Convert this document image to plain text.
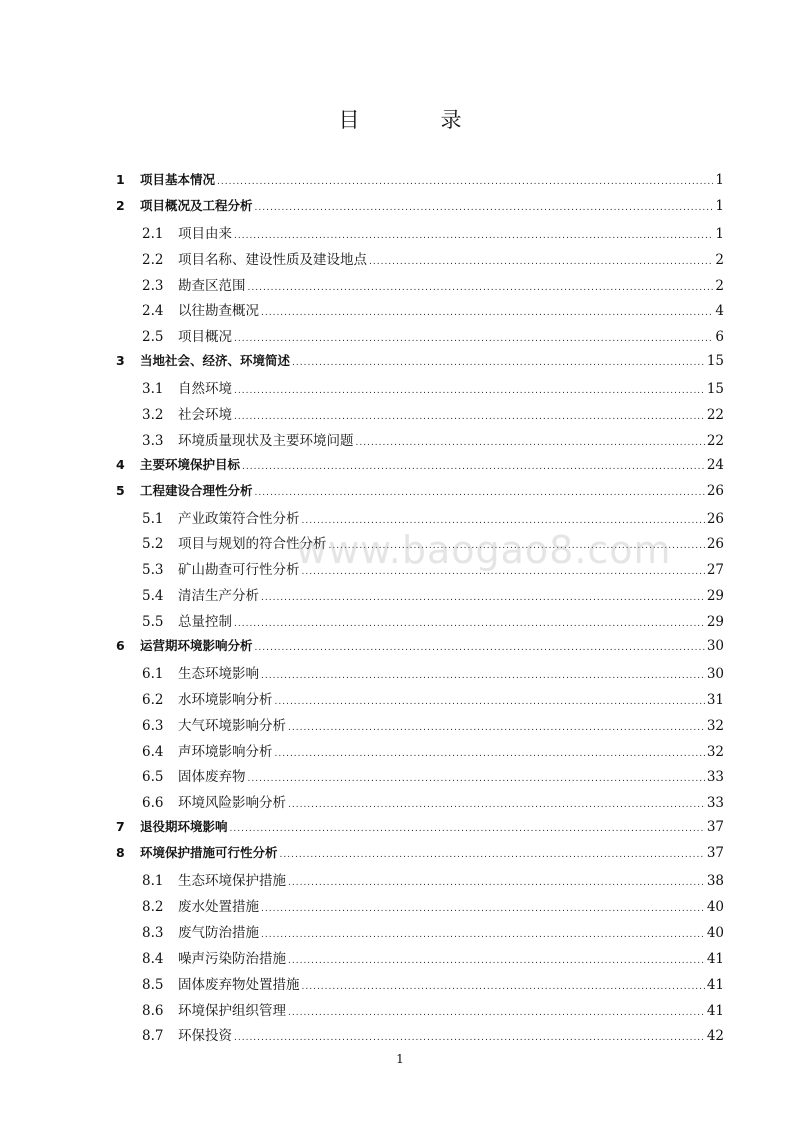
目　录
1	项目基本情况 .....	1
2	项目概况及工程分析 .....	1
2.1	项目由来 .....	1
2.2	项目名称、建设性质及建设地点 .....	2
2.3	勘查区范围 .....	2
2.4	以往勘查概况 .....	4
2.5	项目概况 .....	6
3	当地社会、经济、环境简述 .....	15
3.1	自然环境 .....	15
3.2	社会环境 .....	22
3.3	环境质量现状及主要环境问题 .....	22
4	主要环境保护目标 .....	24
5	工程建设合理性分析 .....	26
5.1	产业政策符合性分析 .....	26
5.2	项目与规划的符合性分析 .....	26
5.3	矿山勘查可行性分析 .....	27
5.4	清洁生产分析 .....	29
5.5	总量控制 .....	29
6	运营期环境影响分析 .....	30
6.1	生态环境影响 .....	30
6.2	水环境影响分析 .....	31
6.3	大气环境影响分析 .....	32
6.4	声环境影响分析 .....	32
6.5	固体废弃物 .....	33
6.6	环境风险影响分析 .....	33
7	退役期环境影响 .....	37
8	环境保护措施可行性分析 .....	37
8.1	生态环境保护措施 .....	38
8.2	废水处置措施 .....	40
8.3	废气防治措施 .....	40
8.4	噪声污染防治措施 .....	41
8.5	固体废弃物处置措施 .....	41
8.6	环境保护组织管理 .....	41
8.7	环保投资 .....	42
www.baogao8.com
1
